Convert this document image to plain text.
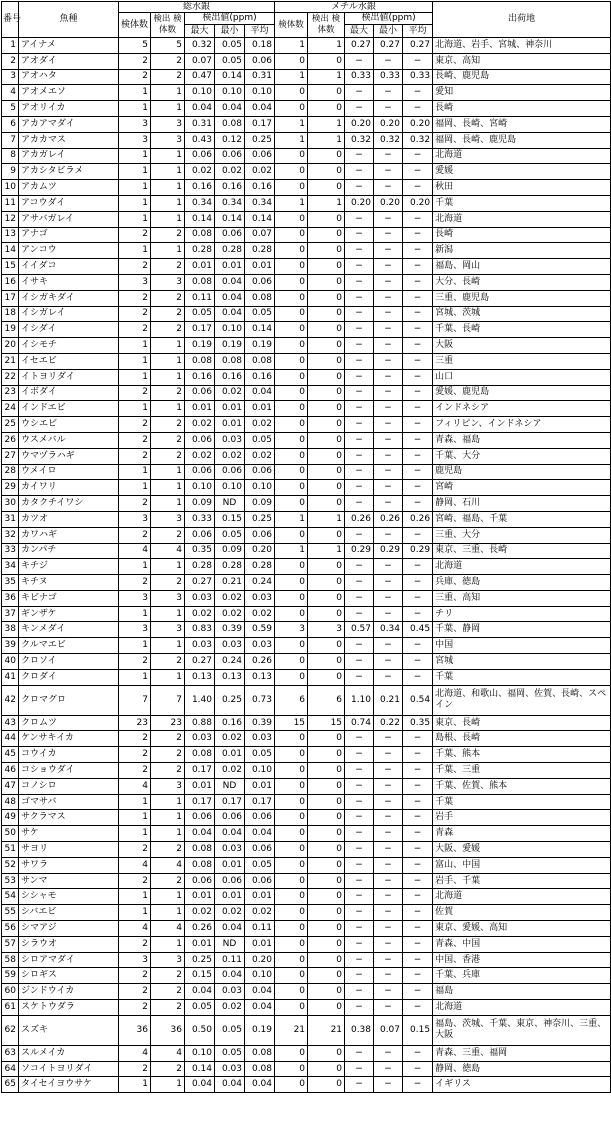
番号	魚種	総水銀					メチル水銀					出荷地
		検体数	検出 検体数	検出値(ppm)			検体数	検出 検体数	検出値(ppm)			
				最大	最小	平均			最大	最小	平均	
1	アイナメ	5	5	0.32	0.05	0.18	1	1	0.27	0.27	0.27	北海道、岩手、宮城、神奈川
2	アオダイ	2	2	0.07	0.05	0.06	0	0	−	−	−	東京、高知
3	アオハタ	2	2	0.47	0.14	0.31	1	1	0.33	0.33	0.33	長崎、鹿児島
4	アオメエソ	1	1	0.10	0.10	0.10	0	0	−	−	−	愛知
5	アオリイカ	1	1	0.04	0.04	0.04	0	0	−	−	−	長崎
6	アカアマダイ	3	3	0.31	0.08	0.17	1	1	0.20	0.20	0.20	福岡、長崎、宮崎
7	アカカマス	3	3	0.43	0.12	0.25	1	1	0.32	0.32	0.32	福岡、長崎、鹿児島
8	アカガレイ	1	1	0.06	0.06	0.06	0	0	−	−	−	北海道
9	アカシタビラメ	1	1	0.02	0.02	0.02	0	0	−	−	−	愛媛
10	アカムツ	1	1	0.16	0.16	0.16	0	0	−	−	−	秋田
11	アコウダイ	1	1	0.34	0.34	0.34	1	1	0.20	0.20	0.20	千葉
12	アサバガレイ	1	1	0.14	0.14	0.14	0	0	−	−	−	北海道
13	アナゴ	2	2	0.08	0.06	0.07	0	0	−	−	−	長崎
14	アンコウ	1	1	0.28	0.28	0.28	0	0	−	−	−	新潟
15	イイダコ	2	2	0.01	0.01	0.01	0	0	−	−	−	福島、岡山
16	イサキ	3	3	0.08	0.04	0.06	0	0	−	−	−	大分、長崎
17	イシガキダイ	2	2	0.11	0.04	0.08	0	0	−	−	−	三重、鹿児島
18	イシガレイ	2	2	0.05	0.04	0.05	0	0	−	−	−	宮城、茨城
19	イシダイ	2	2	0.17	0.10	0.14	0	0	−	−	−	千葉、長崎
20	イシモチ	1	1	0.19	0.19	0.19	0	0	−	−	−	大阪
21	イセエビ	1	1	0.08	0.08	0.08	0	0	−	−	−	三重
22	イトヨリダイ	1	1	0.16	0.16	0.16	0	0	−	−	−	山口
23	イボダイ	2	2	0.06	0.02	0.04	0	0	−	−	−	愛媛、鹿児島
24	インドエビ	1	1	0.01	0.01	0.01	0	0	−	−	−	インドネシア
25	ウシエビ	2	2	0.02	0.01	0.02	0	0	−	−	−	フィリピン、インドネシア
26	ウスメバル	2	2	0.06	0.03	0.05	0	0	−	−	−	青森、福島
27	ウマヅラハギ	2	2	0.02	0.02	0.02	0	0	−	−	−	千葉、大分
28	ウメイロ	1	1	0.06	0.06	0.06	0	0	−	−	−	鹿児島
29	カイワリ	1	1	0.10	0.10	0.10	0	0	−	−	−	宮崎
30	カタクチイワシ	2	1	0.09	ND	0.09	0	0	−	−	−	静岡、石川
31	カツオ	3	3	0.33	0.15	0.25	1	1	0.26	0.26	0.26	宮崎、福島、千葉
32	カワハギ	2	2	0.06	0.05	0.06	0	0	−	−	−	三重、大分
33	カンパチ	4	4	0.35	0.09	0.20	1	1	0.29	0.29	0.29	東京、三重、長崎
34	キチジ	1	1	0.28	0.28	0.28	0	0	−	−	−	北海道
35	キチヌ	2	2	0.27	0.21	0.24	0	0	−	−	−	兵庫、徳島
36	キビナゴ	3	3	0.03	0.02	0.03	0	0	−	−	−	三重、高知
37	ギンザケ	1	1	0.02	0.02	0.02	0	0	−	−	−	チリ
38	キンメダイ	3	3	0.83	0.39	0.59	3	3	0.57	0.34	0.45	千葉、静岡
39	クルマエビ	1	1	0.03	0.03	0.03	0	0	−	−	−	中国
40	クロソイ	2	2	0.27	0.24	0.26	0	0	−	−	−	宮城
41	クロダイ	1	1	0.13	0.13	0.13	0	0	−	−	−	千葉
42	クロマグロ	7	7	1.40	0.25	0.73	6	6	1.10	0.21	0.54	北海道、和歌山、福岡、佐賀、長崎、スペイン
43	クロムツ	23	23	0.88	0.16	0.39	15	15	0.74	0.22	0.35	東京、長崎
44	ケンサキイカ	2	2	0.03	0.02	0.03	0	0	−	−	−	島根、長崎
45	コウイカ	2	2	0.08	0.01	0.05	0	0	−	−	−	千葉、熊本
46	コショウダイ	2	2	0.17	0.02	0.10	0	0	−	−	−	千葉、三重
47	コノシロ	4	3	0.01	ND	0.01	0	0	−	−	−	千葉、佐賀、熊本
48	ゴマサバ	1	1	0.17	0.17	0.17	0	0	−	−	−	千葉
49	サクラマス	1	1	0.06	0.06	0.06	0	0	−	−	−	岩手
50	サケ	1	1	0.04	0.04	0.04	0	0	−	−	−	青森
51	サヨリ	2	2	0.08	0.03	0.06	0	0	−	−	−	大阪、愛媛
52	サワラ	4	4	0.08	0.01	0.05	0	0	−	−	−	富山、中国
53	サンマ	2	2	0.06	0.06	0.06	0	0	−	−	−	岩手、千葉
54	シシャモ	1	1	0.01	0.01	0.01	0	0	−	−	−	北海道
55	シバエビ	1	1	0.02	0.02	0.02	0	0	−	−	−	佐賀
56	シマアジ	4	4	0.26	0.04	0.11	0	0	−	−	−	東京、愛媛、高知
57	シラウオ	2	1	0.01	ND	0.01	0	0	−	−	−	青森、中国
58	シロアマダイ	3	3	0.25	0.11	0.20	0	0	−	−	−	中国、香港
59	シロギス	2	2	0.15	0.04	0.10	0	0	−	−	−	千葉、兵庫
60	ジンドウイカ	2	2	0.04	0.03	0.04	0	0	−	−	−	福島
61	スケトウダラ	2	2	0.05	0.02	0.04	0	0	−	−	−	北海道
62	スズキ	36	36	0.50	0.05	0.19	21	21	0.38	0.07	0.15	福島、茨城、千葉、東京、神奈川、三重、大阪
63	スルメイカ	4	4	0.10	0.05	0.08	0	0	−	−	−	青森、三重、福岡
64	ソコイトヨリダイ	2	2	0.14	0.03	0.08	0	0	−	−	−	静岡、徳島
65	タイセイヨウサケ	1	1	0.04	0.04	0.04	0	0	−	−	−	イギリス
